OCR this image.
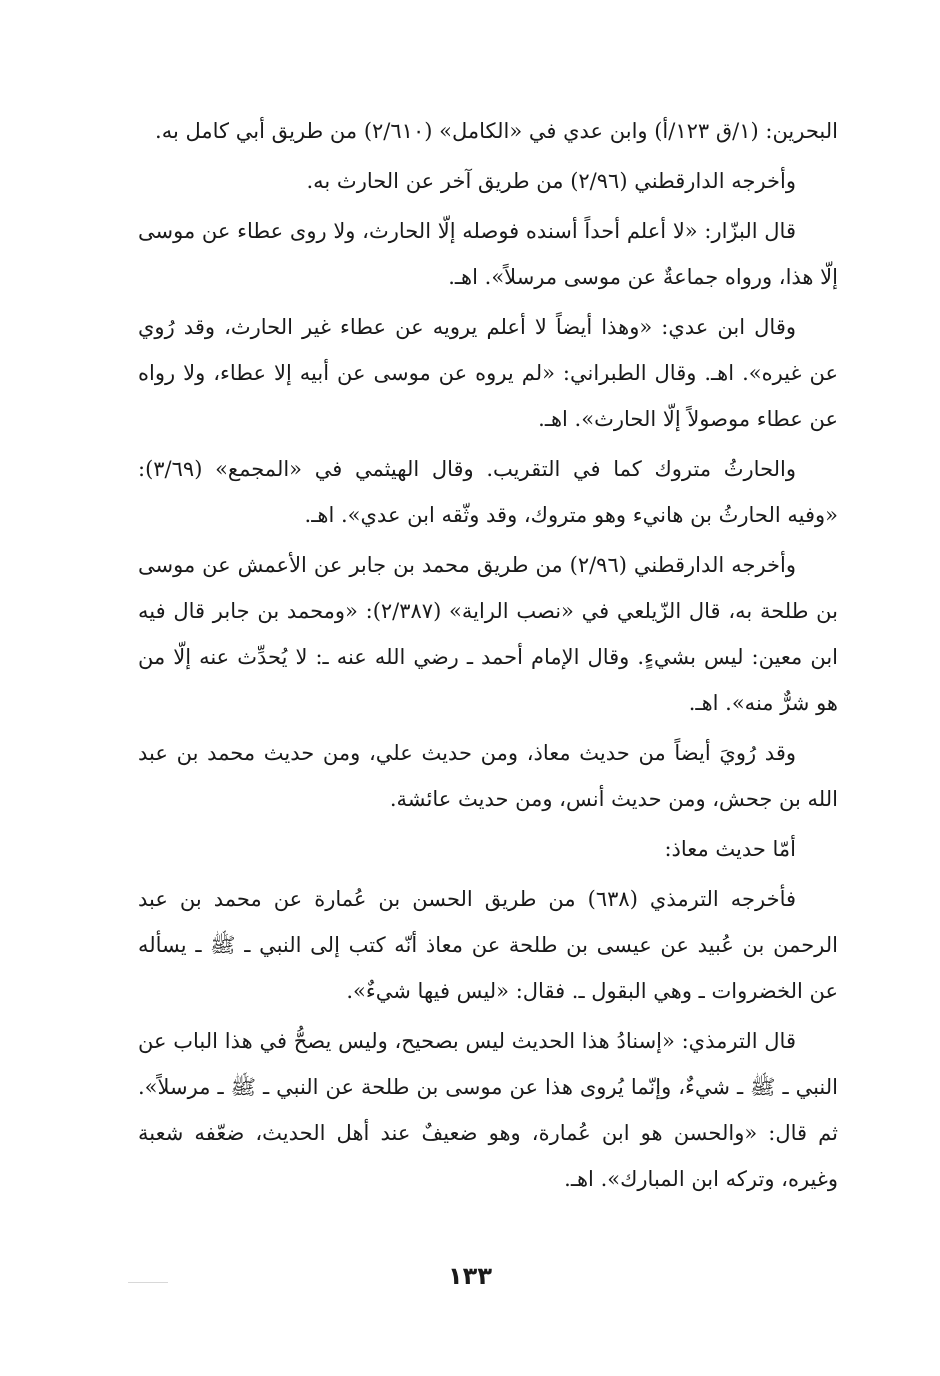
البحرين: (١/ق ١٢٣/أ) وابن عدي في «الكامل» (٢/٦١٠) من طريق أبي كامل به.

وأخرجه الدارقطني (٢/٩٦) من طريق آخر عن الحارث به.

قال البزّار: «لا أعلم أحداً أسنده فوصله إلّا الحارث، ولا روى عطاء عن موسى إلّا هذا، ورواه جماعةٌ عن موسى مرسلاً». اهـ.

وقال ابن عدي: «وهذا أيضاً لا أعلم يرويه عن عطاء غير الحارث، وقد رُوي عن غيره». اهـ. وقال الطبراني: «لم يروه عن موسى عن أبيه إلا عطاء، ولا رواه عن عطاء موصولاً إلّا الحارث». اهـ.

والحارثُ متروك كما في التقريب. وقال الهيثمي في «المجمع» (٣/٦٩): «وفيه الحارثُ بن هانيء وهو متروك، وقد وثّقه ابن عدي». اهـ.

وأخرجه الدارقطني (٢/٩٦) من طريق محمد بن جابر عن الأعمش عن موسى بن طلحة به، قال الزّيلعي في «نصب الراية» (٢/٣٨٧): «ومحمد بن جابر قال فيه ابن معين: ليس بشيءٍ. وقال الإمام أحمد ـ رضي الله عنه ـ: لا يُحدِّث عنه إلّا من هو شرٌّ منه». اهـ.

وقد رُويَ أيضاً من حديث معاذ، ومن حديث علي، ومن حديث محمد بن عبد الله بن جحش، ومن حديث أنس، ومن حديث عائشة.

أمّا حديث معاذ:

فأخرجه الترمذي (٦٣٨) من طريق الحسن بن عُمارة عن محمد بن عبد الرحمن بن عُبيد عن عيسى بن طلحة عن معاذ أنّه كتب إلى النبي ـ ﷺ ـ يسأله عن الخضروات ـ وهي البقول ـ. فقال: «ليس فيها شيءٌ».

قال الترمذي: «إسنادُ هذا الحديث ليس بصحيح، وليس يصحُّ في هذا الباب عن النبي ـ ﷺ ـ شيءٌ، وإنّما يُروى هذا عن موسى بن طلحة عن النبي ـ ﷺ ـ مرسلاً». ثم قال: «والحسن هو ابن عُمارة، وهو ضعيفٌ عند أهل الحديث، ضعّفه شعبة وغيره، وتركه ابن المبارك». اهـ.

١٣٣
